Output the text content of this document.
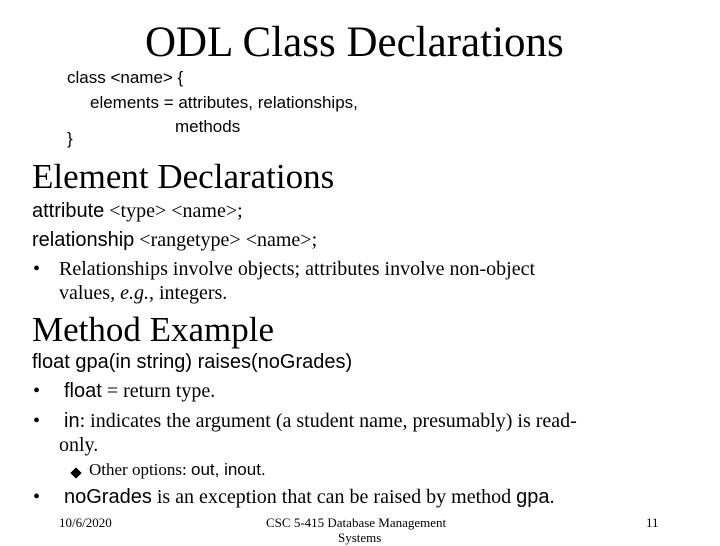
ODL Class Declarations
class <name> {
elements = attributes, relationships,
methods
}
Element Declarations
attribute <type> <name>;
relationship <rangetype> <name>;
• Relationships involve objects; attributes involve non-object
values, e.g., integers.
Method Example
float gpa(in string) raises(noGrades)
• float = return type.
• in: indicates the argument (a student name, presumably) is read-
only.
Other options: out, inout.
• noGrades is an exception that can be raised by method gpa.
10/6/2020	CSC 5-415 Database Management
Systems
11
